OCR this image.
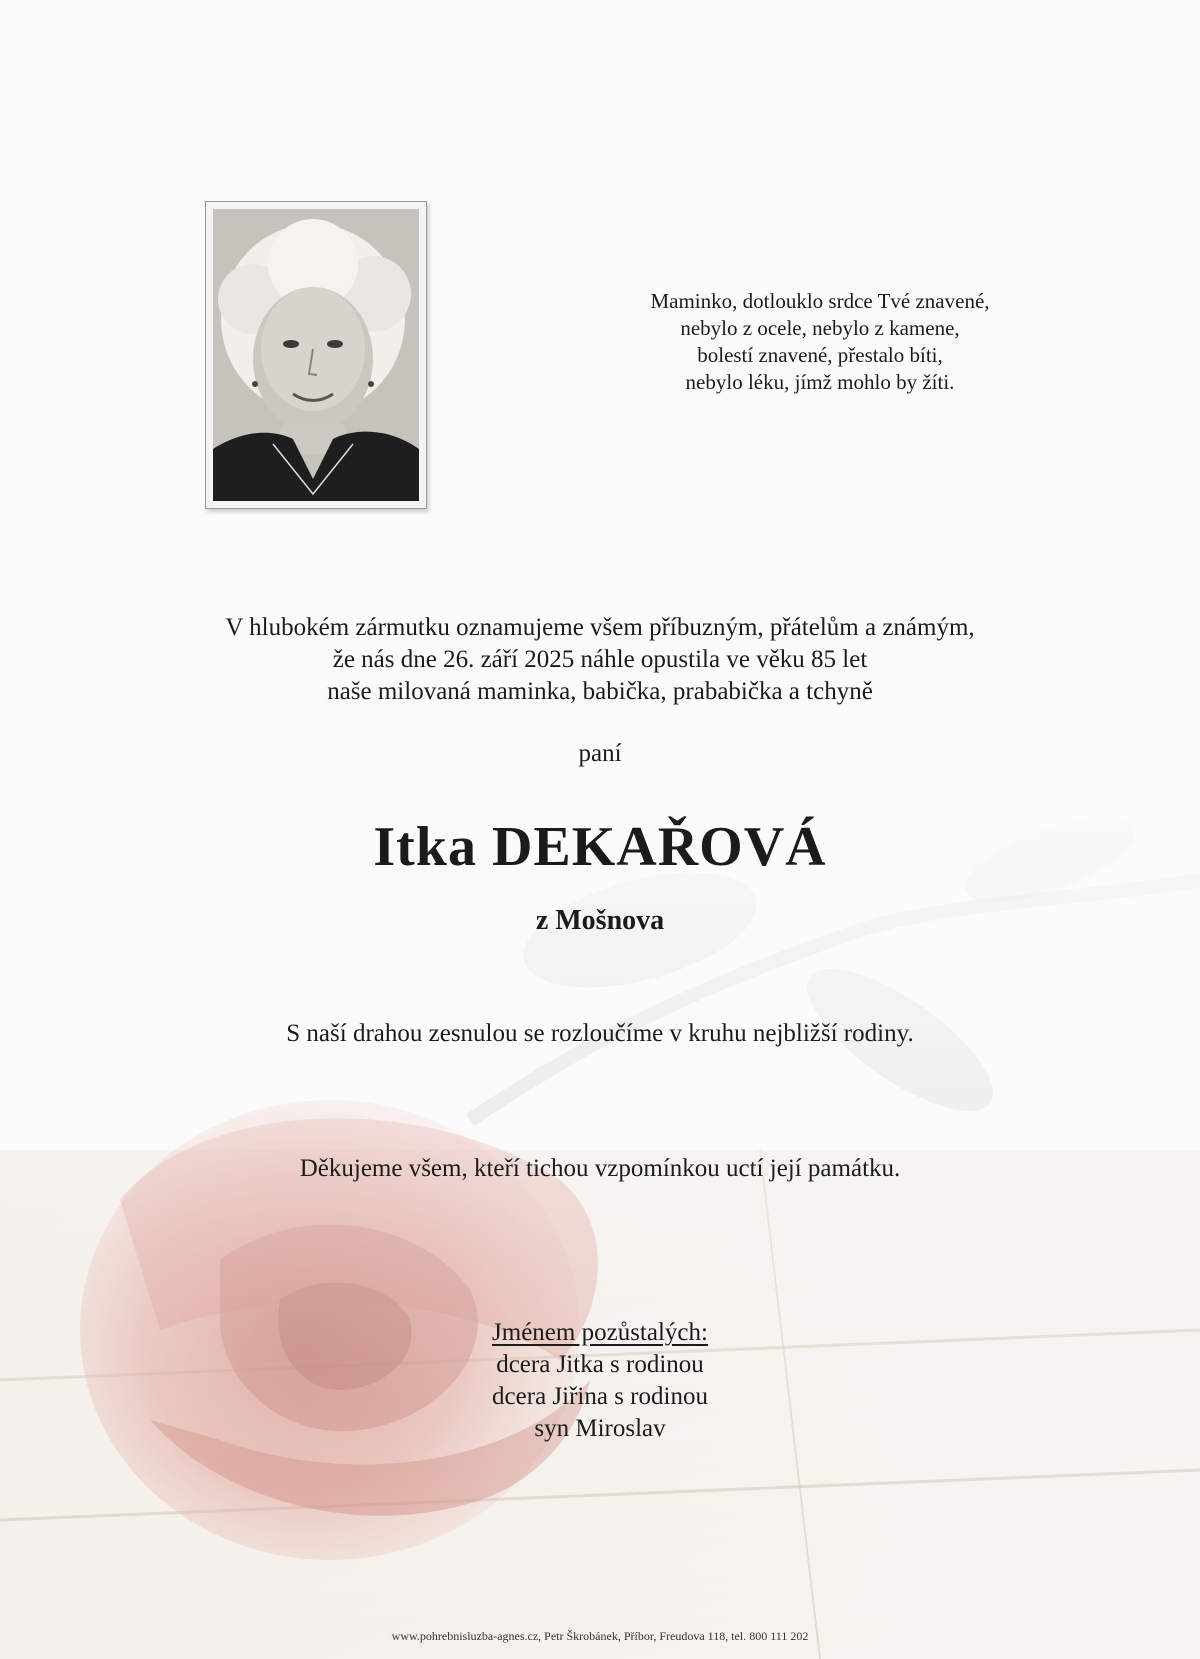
Maminko, dotlouklo srdce Tvé znavené,
nebylo z ocele, nebylo z kamene,
bolestí znavené, přestalo bíti,
nebylo léku, jímž mohlo by žíti.
V hlubokém zármutku oznamujeme všem příbuzným, přátelům a známým,
že nás dne 26. září 2025 náhle opustila ve věku 85 let
naše milovaná maminka, babička, prababička a tchyně
paní
Itka DEKAŘOVÁ
z Mošnova
S naší drahou zesnulou se rozloučíme v kruhu nejbližší rodiny.
Děkujeme všem, kteří tichou vzpomínkou uctí její památku.
Jménem pozůstalých:
dcera Jitka s rodinou
dcera Jiřina s rodinou
syn Miroslav
www.pohrebnisluzba-agnes.cz, Petr Škrobánek, Příbor, Freudova 118, tel. 800 111 202
